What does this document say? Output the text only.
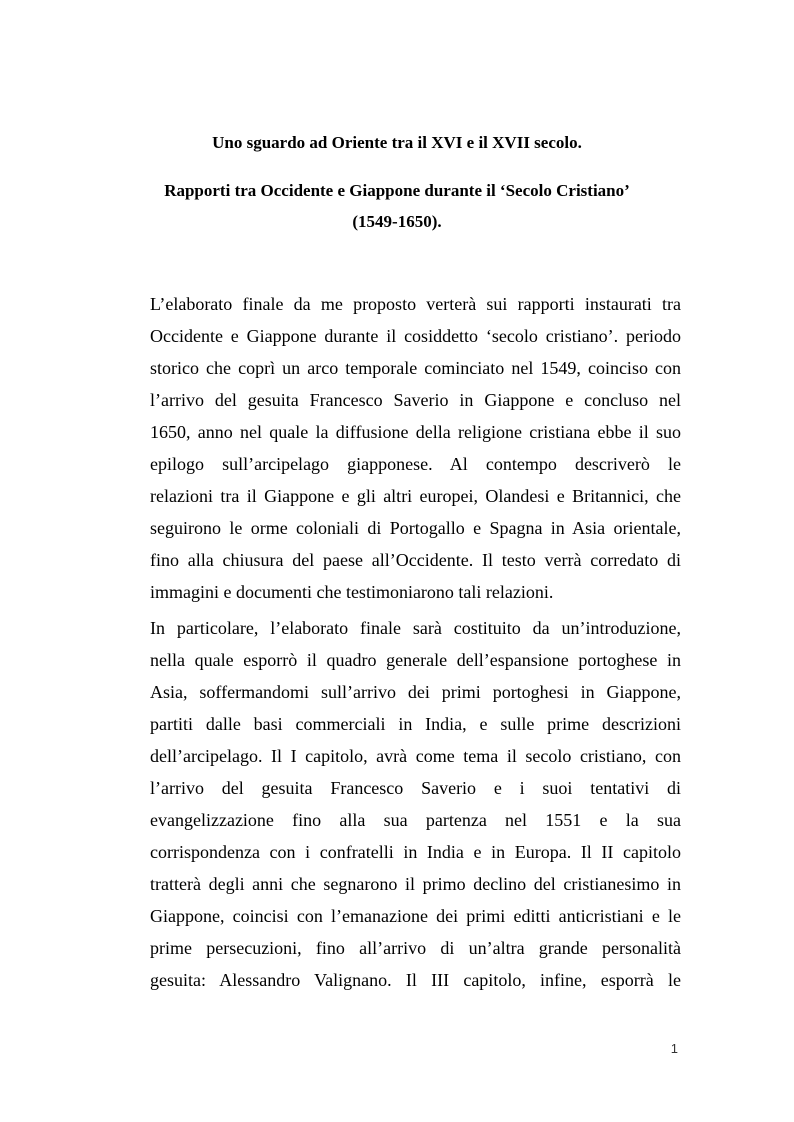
Uno sguardo ad Oriente tra il XVI e il XVII secolo.
Rapporti tra Occidente e Giappone durante il ‘Secolo Cristiano’
(1549-1650).
L’elaborato finale da me proposto verterà sui rapporti instaurati tra
Occidente e Giappone durante il cosiddetto ‘secolo cristiano’. periodo
storico che coprì un arco temporale cominciato nel 1549, coinciso con
l’arrivo del gesuita Francesco Saverio in Giappone e concluso nel
1650, anno nel quale la diffusione della religione cristiana ebbe il suo
epilogo sull’arcipelago giapponese. Al contempo descriverò le
relazioni tra il Giappone e gli altri europei, Olandesi e Britannici, che
seguirono le orme coloniali di Portogallo e Spagna in Asia orientale,
fino alla chiusura del paese all’Occidente. Il testo verrà corredato di
immagini e documenti che testimoniarono tali relazioni.
In particolare, l’elaborato finale sarà costituito da un’introduzione,
nella quale esporrò il quadro generale dell’espansione portoghese in
Asia, soffermandomi sull’arrivo dei primi portoghesi in Giappone,
partiti dalle basi commerciali in India, e sulle prime descrizioni
dell’arcipelago. Il I capitolo, avrà come tema il secolo cristiano, con
l’arrivo del gesuita Francesco Saverio e i suoi tentativi di
evangelizzazione fino alla sua partenza nel 1551 e la sua
corrispondenza con i confratelli in India e in Europa. Il II capitolo
tratterà degli anni che segnarono il primo declino del cristianesimo in
Giappone, coincisi con l’emanazione dei primi editti anticristiani e le
prime persecuzioni, fino all’arrivo di un’altra grande personalità
gesuita: Alessandro Valignano. Il III capitolo, infine, esporrà le
1
